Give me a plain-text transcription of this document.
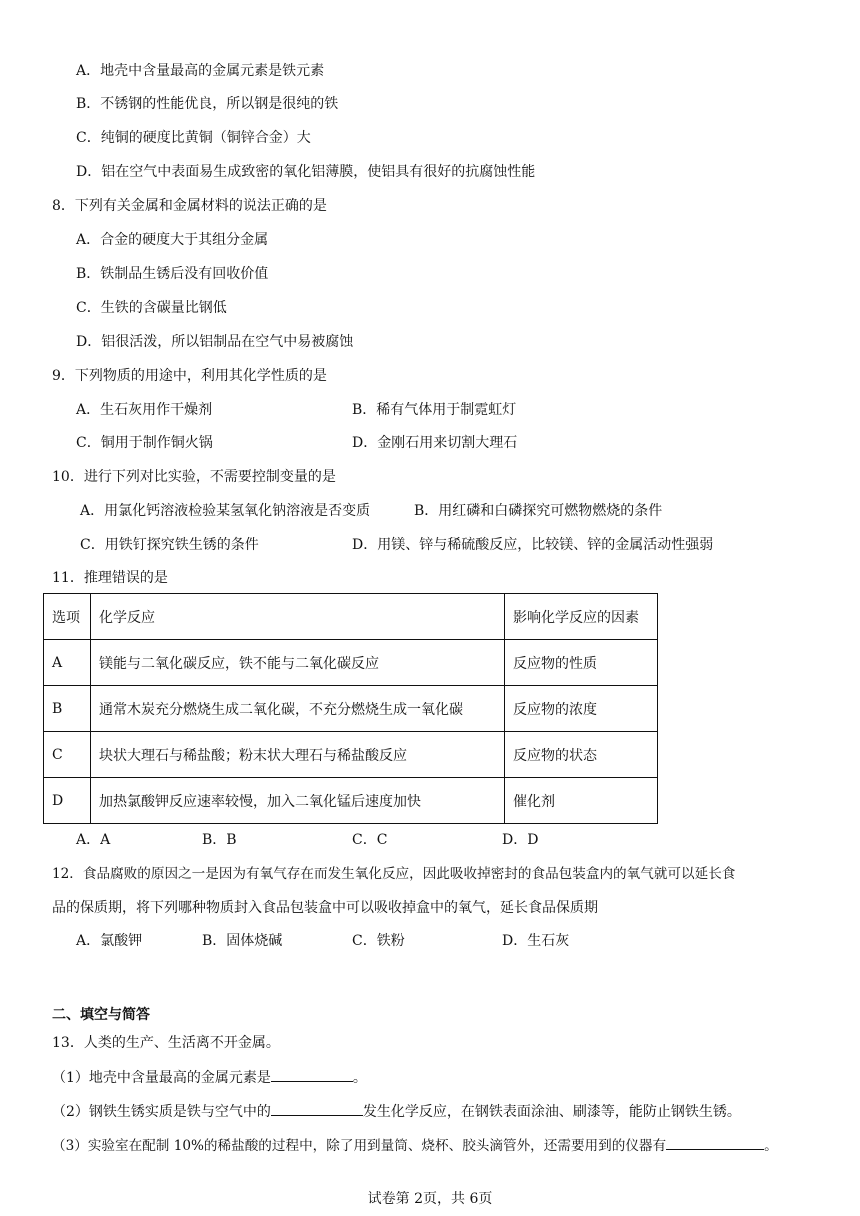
A．地壳中含量最高的金属元素是铁元素
B．不锈钢的性能优良，所以钢是很纯的铁
C．纯铜的硬度比黄铜（铜锌合金）大
D．铝在空气中表面易生成致密的氧化铝薄膜，使铝具有很好的抗腐蚀性能
8．下列有关金属和金属材料的说法正确的是
A．合金的硬度大于其组分金属
B．铁制品生锈后没有回收价值
C．生铁的含碳量比钢低
D．铝很活泼，所以铝制品在空气中易被腐蚀
9．下列物质的用途中，利用其化学性质的是
A．生石灰用作干燥剂	B．稀有气体用于制霓虹灯
C．铜用于制作铜火锅	D．金刚石用来切割大理石
10．进行下列对比实验，不需要控制变量的是
A．用氯化钙溶液检验某氢氧化钠溶液是否变质	B．用红磷和白磷探究可燃物燃烧的条件
C．用铁钉探究铁生锈的条件	D．用镁、锌与稀硫酸反应，比较镁、锌的金属活动性强弱
11．推理错误的是
选项	化学反应	影响化学反应的因素
A	镁能与二氧化碳反应，铁不能与二氧化碳反应	反应物的性质
B	通常木炭充分燃烧生成二氧化碳，不充分燃烧生成一氧化碳	反应物的浓度
C	块状大理石与稀盐酸；粉末状大理石与稀盐酸反应	反应物的状态
D	加热氯酸钾反应速率较慢，加入二氧化锰后速度加快	催化剂
A．A	B．B	C．C	D．D
12．食品腐败的原因之一是因为有氧气存在而发生氧化反应，因此吸收掉密封的食品包装盒内的氧气就可以延长食
品的保质期，将下列哪种物质封入食品包装盒中可以吸收掉盒中的氧气，延长食品保质期
A．氯酸钾	B．固体烧碱	C．铁粉	D．生石灰
二、填空与简答
13．人类的生产、生活离不开金属。
（1）地壳中含量最高的金属元素是	。
（2）钢铁生锈实质是铁与空气中的	发生化学反应，在钢铁表面涂油、刷漆等，能防止钢铁生锈。
（3）实验室在配制 10%的稀盐酸的过程中，除了用到量筒、烧杯、胶头滴管外，还需要用到的仪器有	。
试卷第 2页，共 6页
